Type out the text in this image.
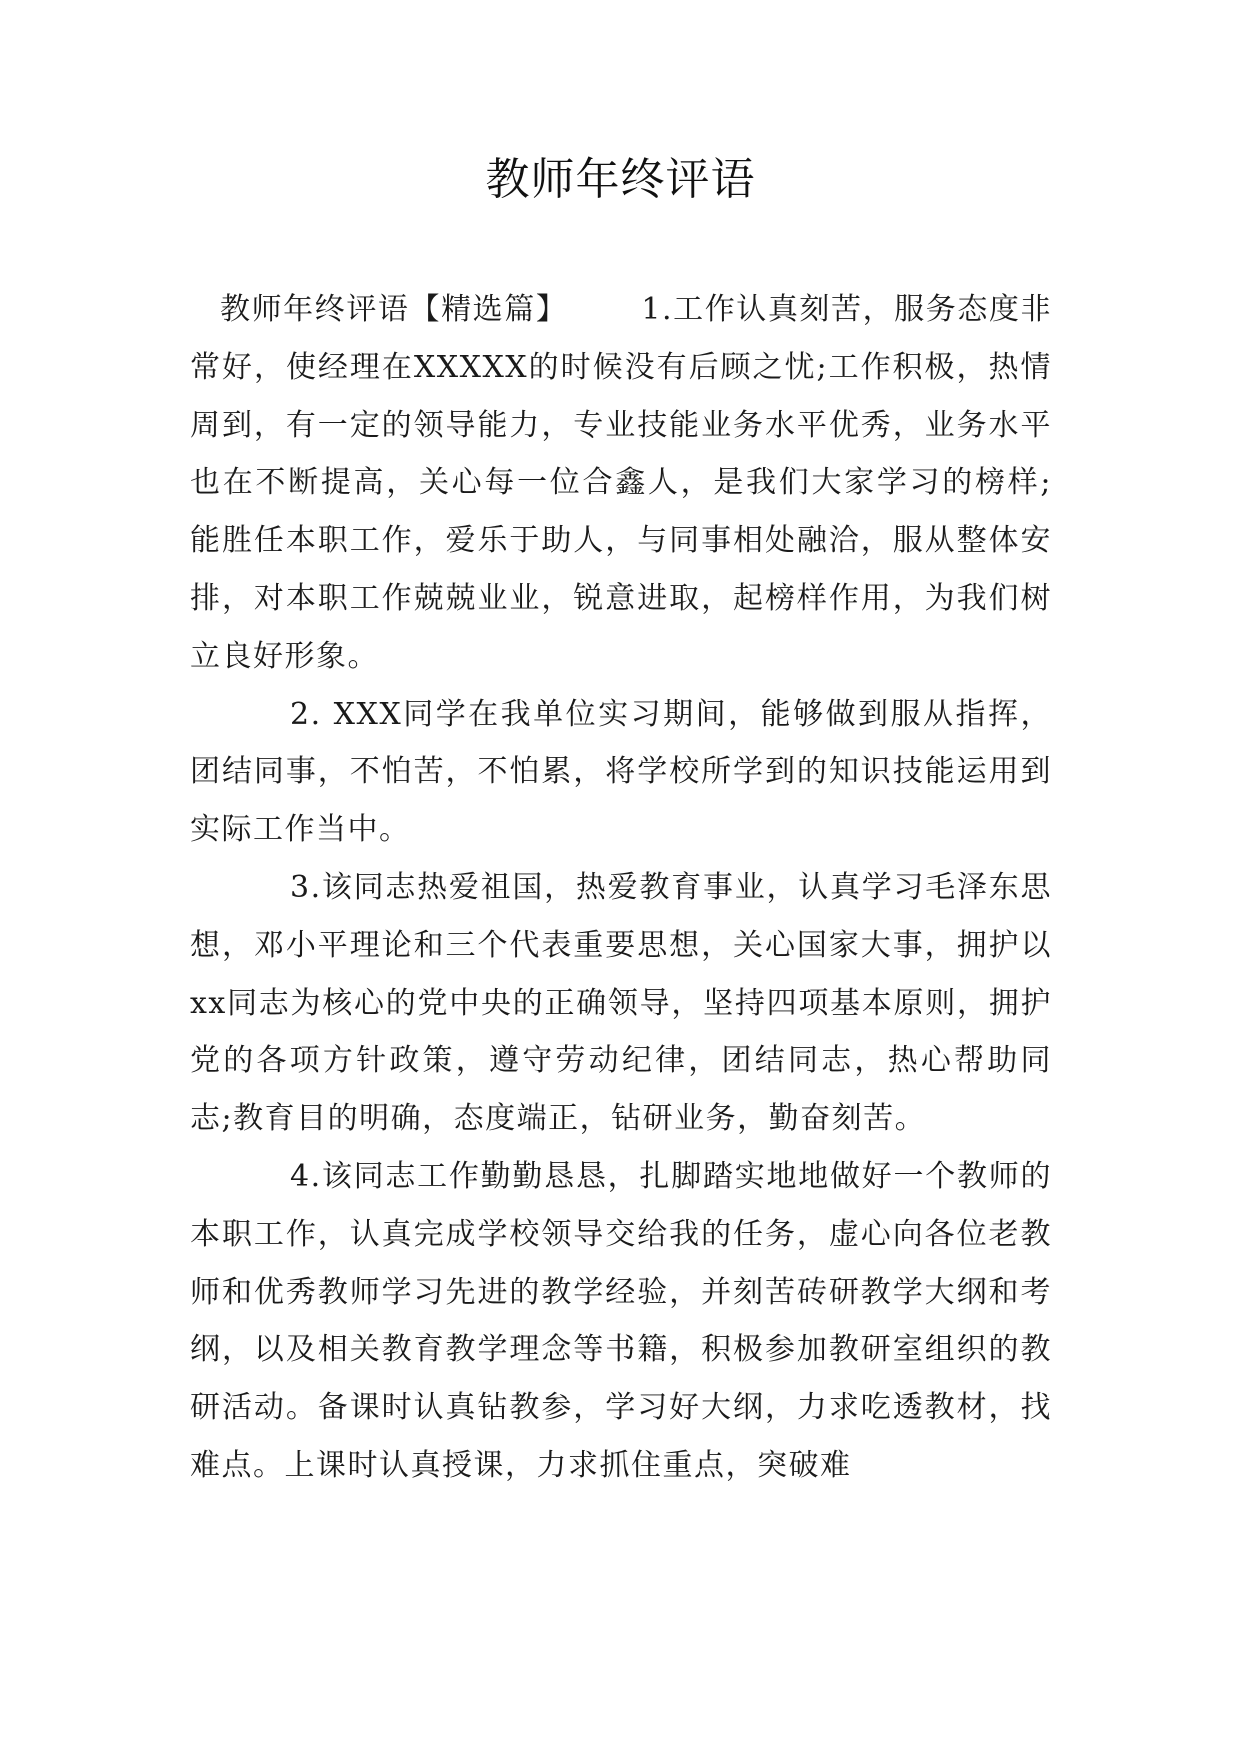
教师年终评语

教师年终评语【精选篇】 1.工作认真刻苦，服务态度非常好，使经理在XXXXX的时候没有后顾之忧;工作积极，热情周到，有一定的领导能力，专业技能业务水平优秀，业务水平也在不断提高，关心每一位合鑫人，是我们大家学习的榜样;能胜任本职工作，爱乐于助人，与同事相处融洽，服从整体安排，对本职工作兢兢业业，锐意进取，起榜样作用，为我们树立良好形象。

2. XXX同学在我单位实习期间，能够做到服从指挥，团结同事，不怕苦，不怕累，将学校所学到的知识技能运用到实际工作当中。

3.该同志热爱祖国，热爱教育事业，认真学习毛泽东思想，邓小平理论和三个代表重要思想，关心国家大事，拥护以xx同志为核心的党中央的正确领导，坚持四项基本原则，拥护党的各项方针政策，遵守劳动纪律，团结同志，热心帮助同志;教育目的明确，态度端正，钻研业务，勤奋刻苦。

4.该同志工作勤勤恳恳，扎脚踏实地地做好一个教师的本职工作，认真完成学校领导交给我的任务，虚心向各位老教师和优秀教师学习先进的教学经验，并刻苦砖研教学大纲和考纲，以及相关教育教学理念等书籍，积极参加教研室组织的教研活动。备课时认真钻教参，学习好大纲，力求吃透教材，找难点。上课时认真授课，力求抓住重点，突破难
